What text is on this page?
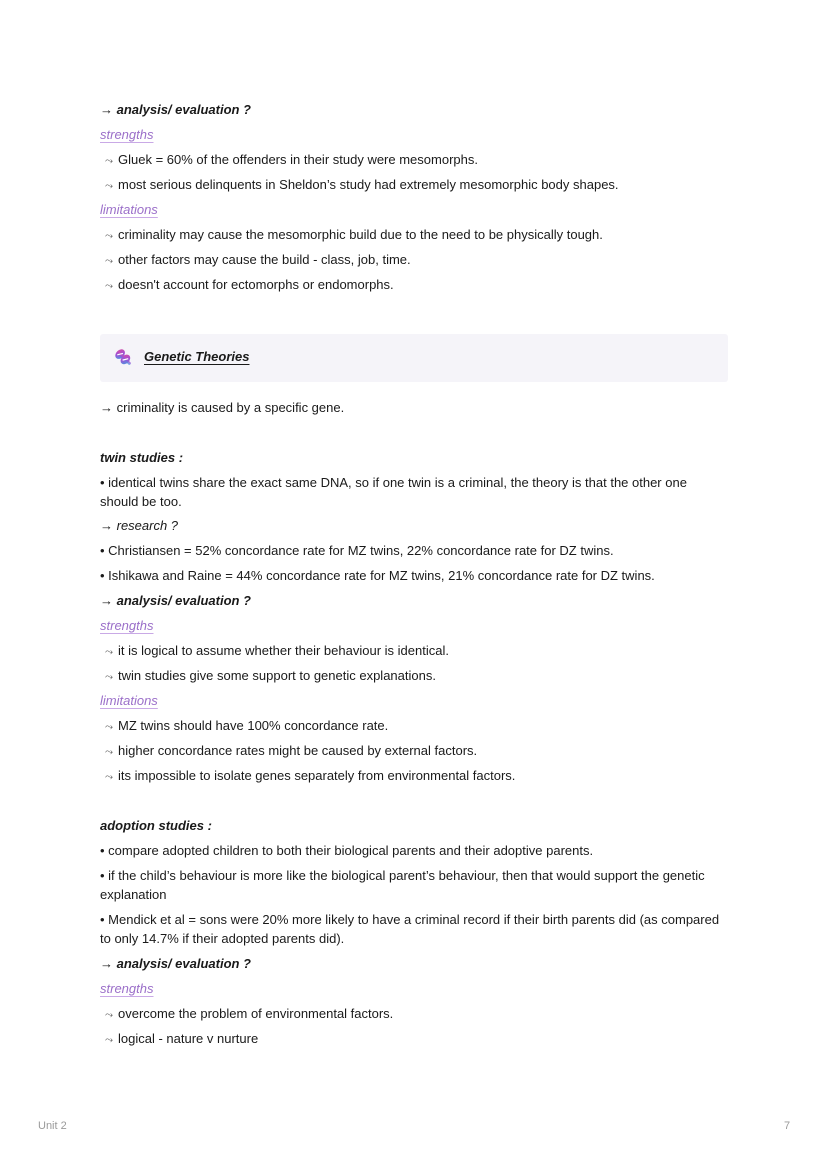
→ analysis/ evaluation ?
strengths
⤳ Gluek = 60% of the offenders in their study were mesomorphs.
⤳ most serious delinquents in Sheldon’s study had extremely mesomorphic body shapes.
limitations
⤳ criminality may cause the mesomorphic build due to the need to be physically tough.
⤳ other factors may cause the build - class, job, time.
⤳ doesn't account for ectomorphs or endomorphs.
→ criminality is caused by a specific gene.
twin studies :
• identical twins share the exact same DNA, so if one twin is a criminal, the theory is that the other one should be too.
→ research ?
• Christiansen = 52% concordance rate for MZ twins, 22% concordance rate for DZ twins.
• Ishikawa and Raine = 44% concordance rate for MZ twins, 21% concordance rate for DZ twins.
→ analysis/ evaluation ?
strengths
⤳ it is logical to assume whether their behaviour is identical.
⤳ twin studies give some support to genetic explanations.
limitations
⤳ MZ twins should have 100% concordance rate.
⤳ higher concordance rates might be caused by external factors.
⤳ its impossible to isolate genes separately from environmental factors.
adoption studies :
• compare adopted children to both their biological parents and their adoptive parents.
• if the child’s behaviour is more like the biological parent’s behaviour, then that would support the genetic explanation
• Mendick et al = sons were 20% more likely to have a criminal record if their birth parents did (as compared to only 14.7% if their adopted parents did).
→ analysis/ evaluation ?
strengths
⤳ overcome the problem of environmental factors.
⤳ logical - nature v nurture
Genetic Theories
Unit 2	7
